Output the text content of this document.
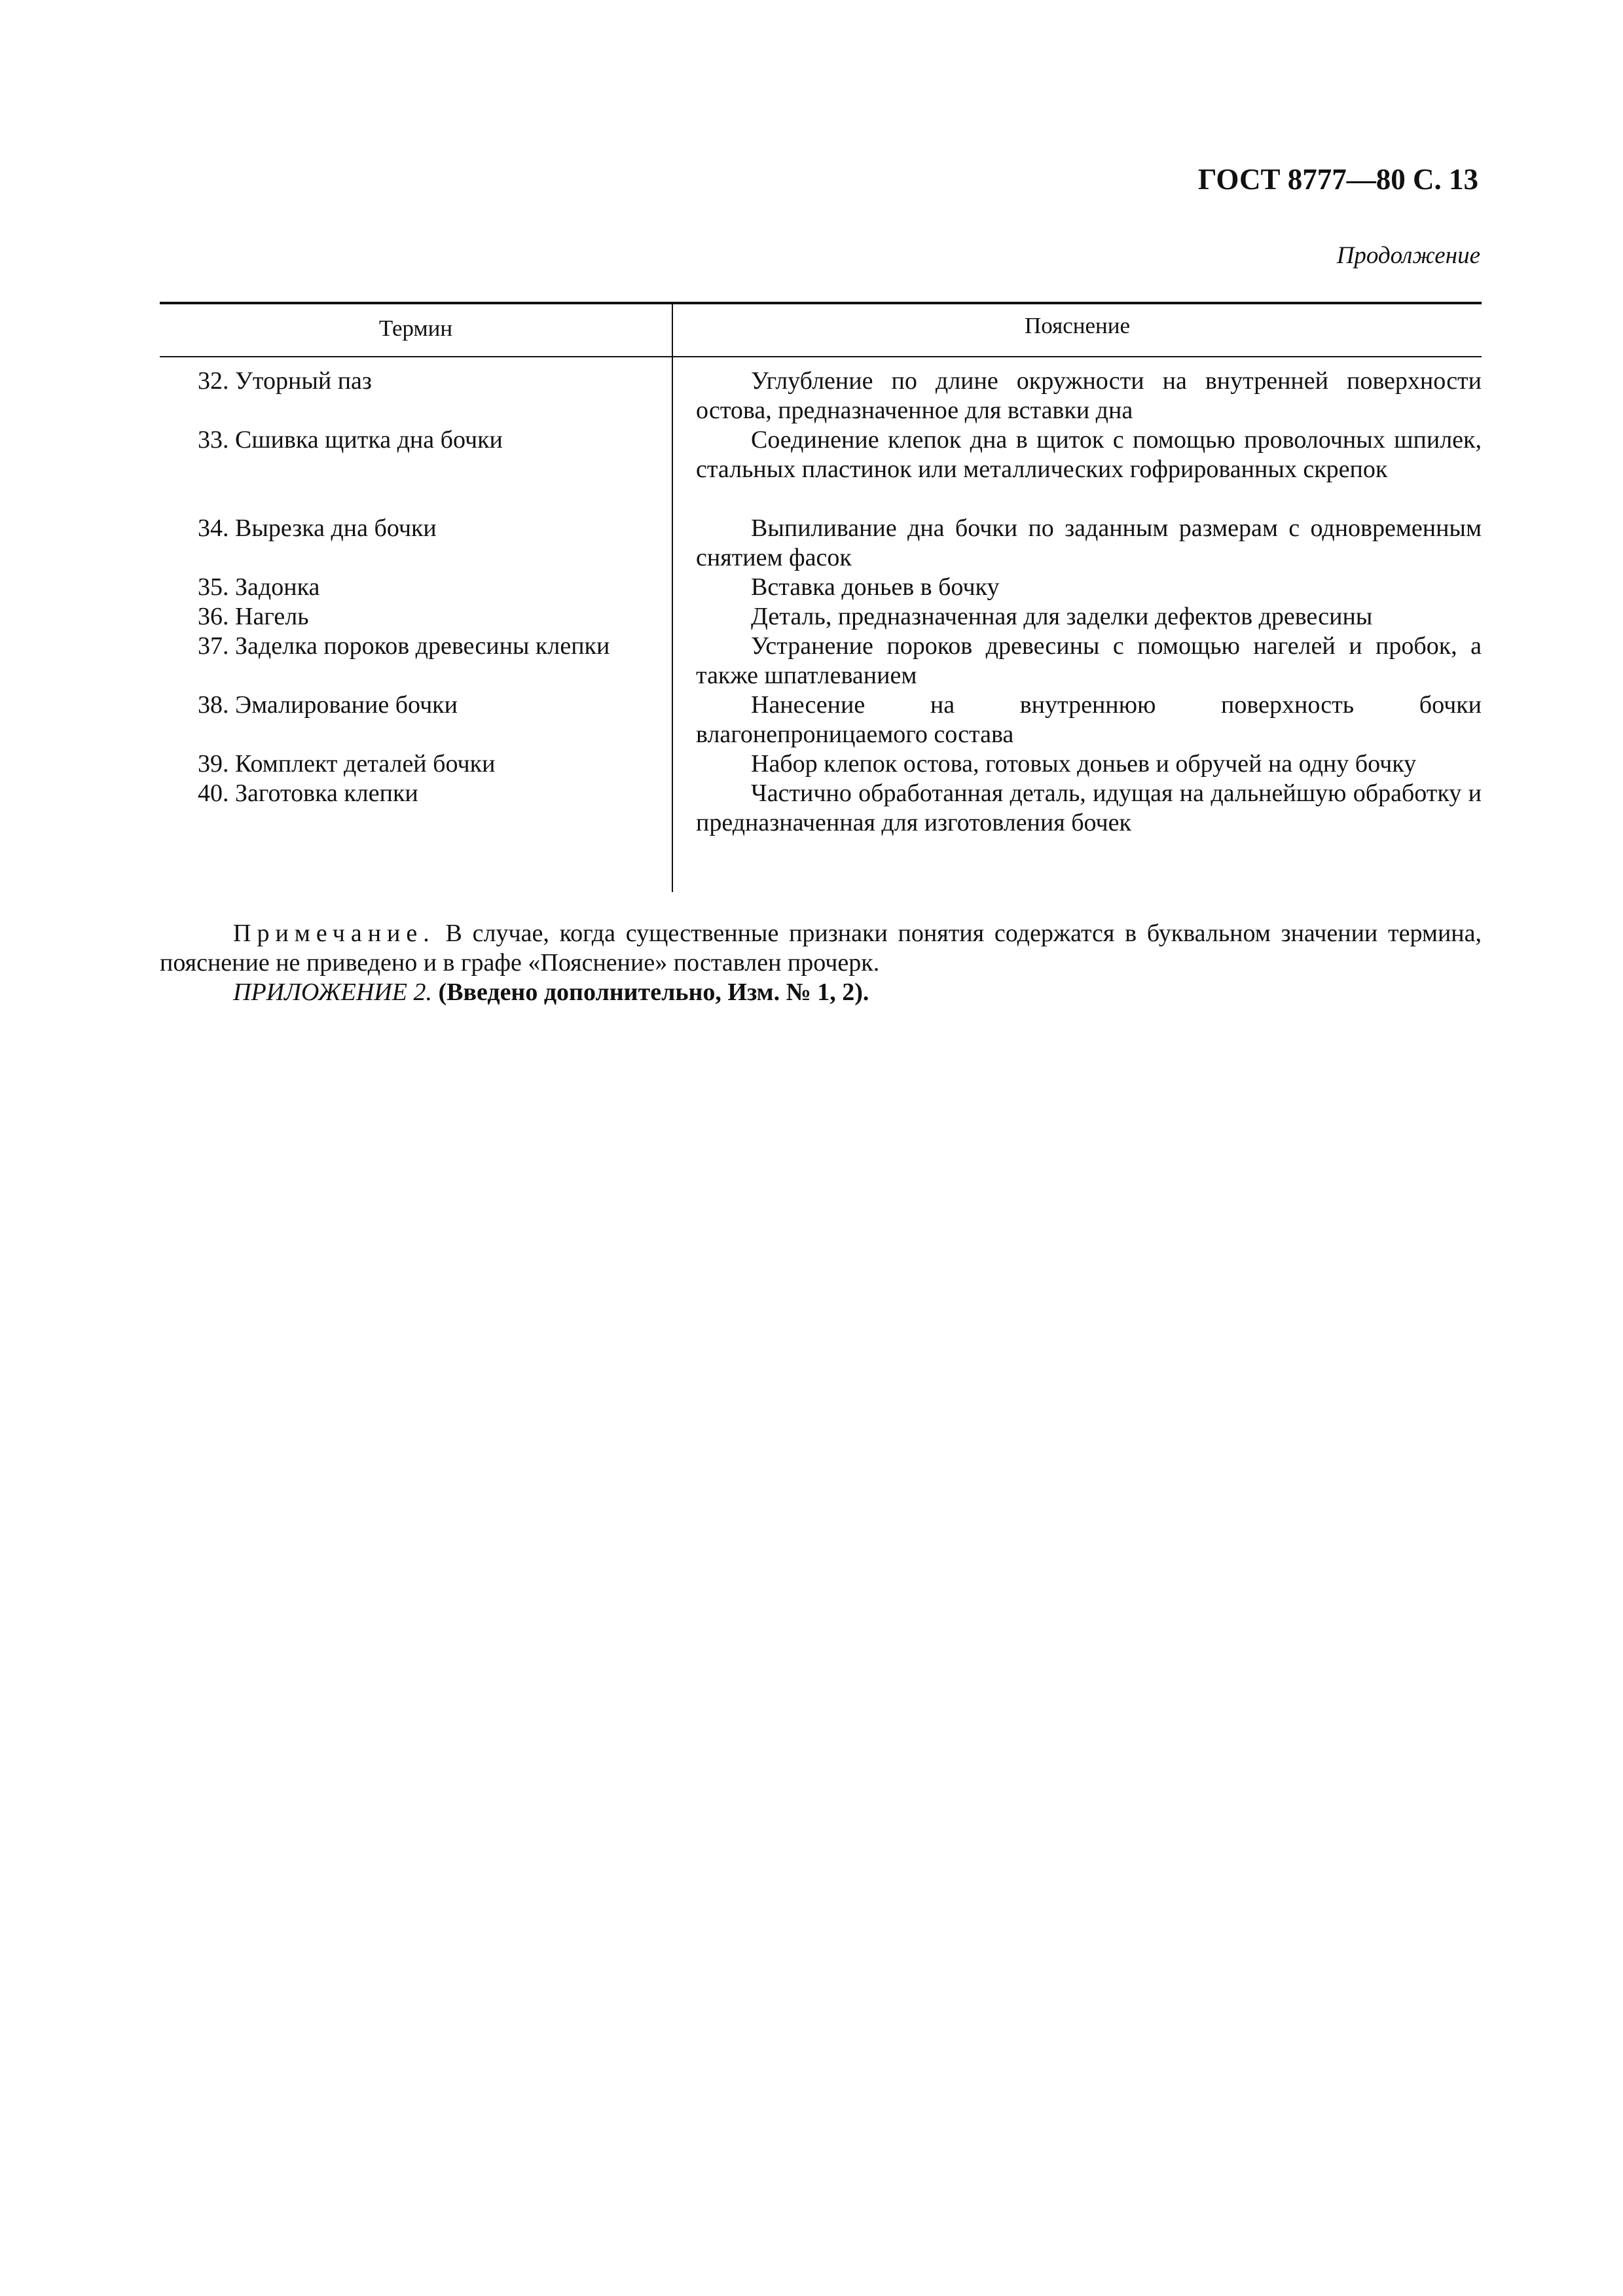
ГОСТ 8777—80 С. 13
Продолжение
Термин	Пояснение
32. Уторный паз	Углубление по длине окружности на внутренней поверхности остова, предназначенное для вставки дна
33. Сшивка щитка дна бочки	Соединение клепок дна в щиток с помощью проволочных шпилек, стальных пластинок или металлических гофрированных скрепок
34. Вырезка дна бочки	Выпиливание дна бочки по заданным размерам с одновременным снятием фасок
35. Задонка	Вставка доньев в бочку
36. Нагель	Деталь, предназначенная для заделки дефектов древесины
37. Заделка пороков древесины клепки	Устранение пороков древесины с помощью нагелей и пробок, а также шпатлеванием
38. Эмалирование бочки	Нанесение на внутреннюю поверхность бочки влагонепроницаемого состава
39. Комплект деталей бочки	Набор клепок остова, готовых доньев и обручей на одну бочку
40. Заготовка клепки	Частично обработанная деталь, идущая на дальнейшую обработку и предназначенная для изготовления бочек
Примечание. В случае, когда существенные признаки понятия содержатся в буквальном значении термина, пояснение не приведено и в графе «Пояснение» поставлен прочерк.
ПРИЛОЖЕНИЕ 2. (Введено дополнительно, Изм. № 1, 2).
